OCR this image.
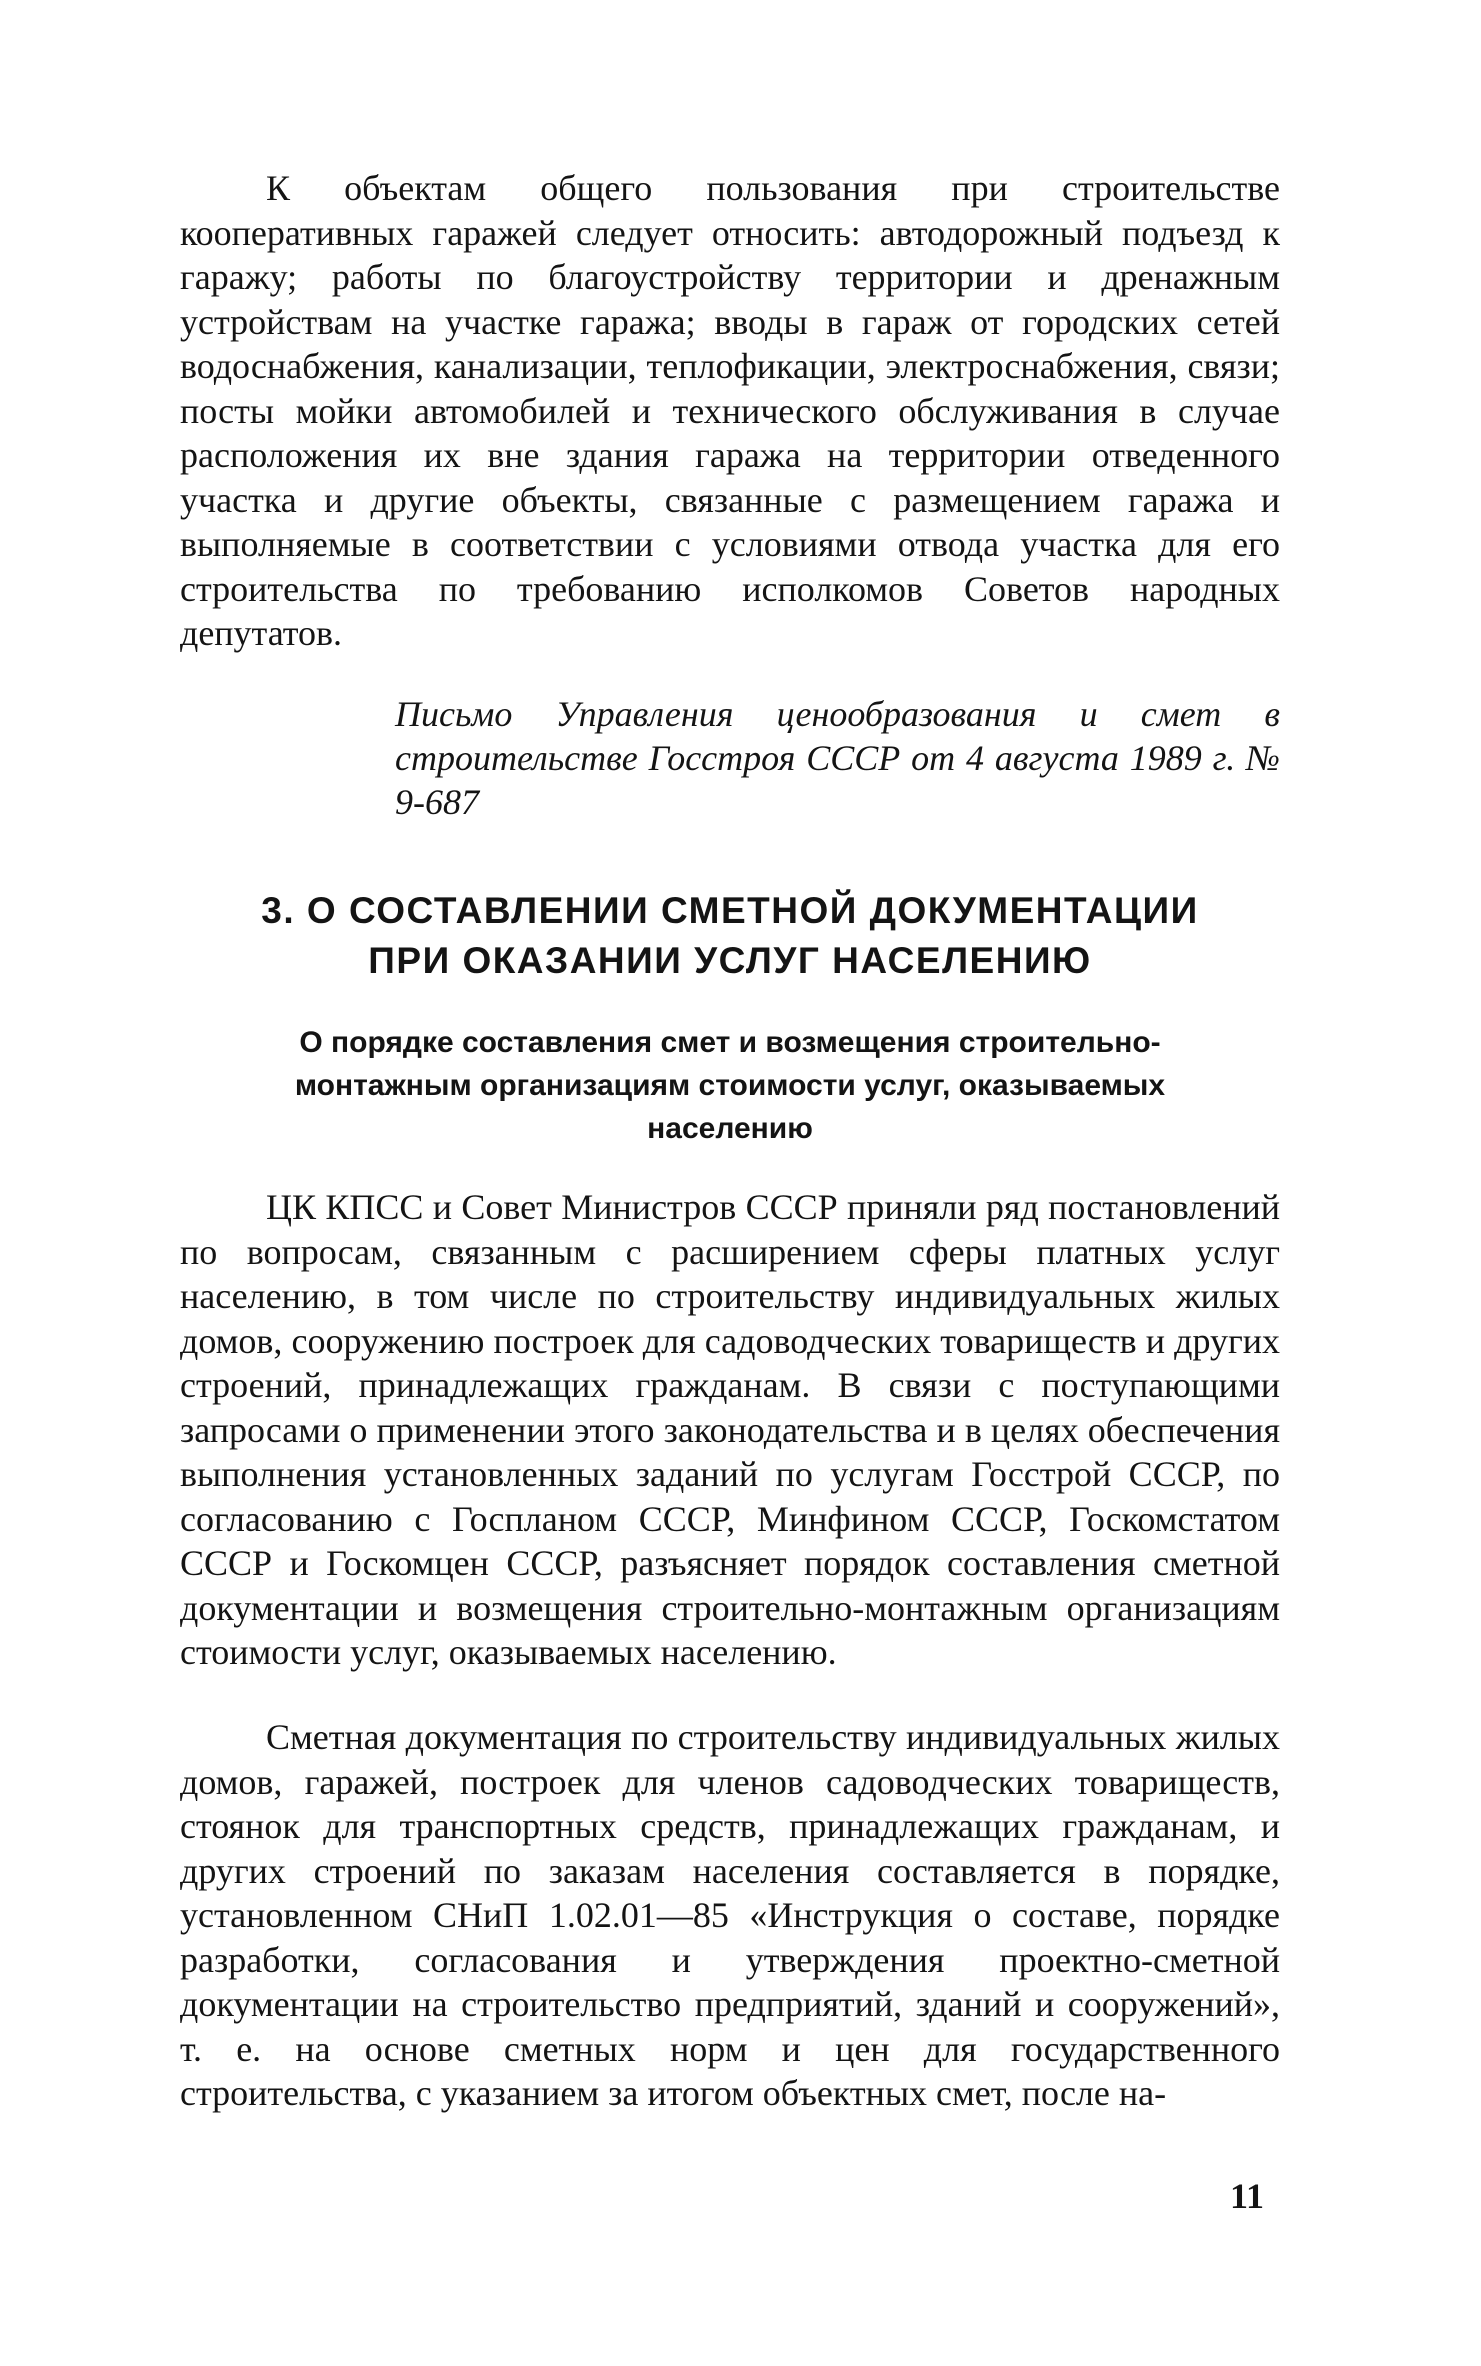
К объектам общего пользования при строительстве кооперативных гаражей следует относить: автодорожный подъезд к гаражу; работы по благоустройству территории и дренажным устройствам на участке гаража; вводы в гараж от городских сетей водоснабжения, канализации, теплофикации, электроснабжения, связи; посты мойки автомобилей и технического обслуживания в случае расположения их вне здания гаража на территории отведенного участка и другие объекты, связанные с размещением гаража и выполняемые в соответствии с условиями отвода участка для его строительства по требованию исполкомов Советов народных депутатов.

Письмо Управления ценообразования и смет в строительстве Госстроя СССР от 4 августа 1989 г. № 9-687

3. О СОСТАВЛЕНИИ СМЕТНОЙ ДОКУМЕНТАЦИИ
ПРИ ОКАЗАНИИ УСЛУГ НАСЕЛЕНИЮ
О порядке составления смет и возмещения строительно-монтажным организациям стоимости услуг, оказываемых населению

ЦК КПСС и Совет Министров СССР приняли ряд постановлений по вопросам, связанным с расширением сферы платных услуг населению, в том числе по строительству индивидуальных жилых домов, сооружению построек для садоводческих товариществ и других строений, принадлежащих гражданам. В связи с поступающими запросами о применении этого законодательства и в целях обеспечения выполнения установленных заданий по услугам Госстрой СССР, по согласованию с Госпланом СССР, Минфином СССР, Госкомстатом СССР и Госкомцен СССР, разъясняет порядок составления сметной документации и возмещения строительно-монтажным организациям стоимости услуг, оказываемых населению.

Сметная документация по строительству индивидуальных жилых домов, гаражей, построек для членов садоводческих товариществ, стоянок для транспортных средств, принадлежащих гражданам, и других строений по заказам населения составляется в порядке, установленном СНиП 1.02.01—85 «Инструкция о составе, порядке разработки, согласования и утверждения проектно-сметной документации на строительство предприятий, зданий и сооружений», т. е. на основе сметных норм и цен для государственного строительства, с указанием за итогом объектных смет, после на-

11
